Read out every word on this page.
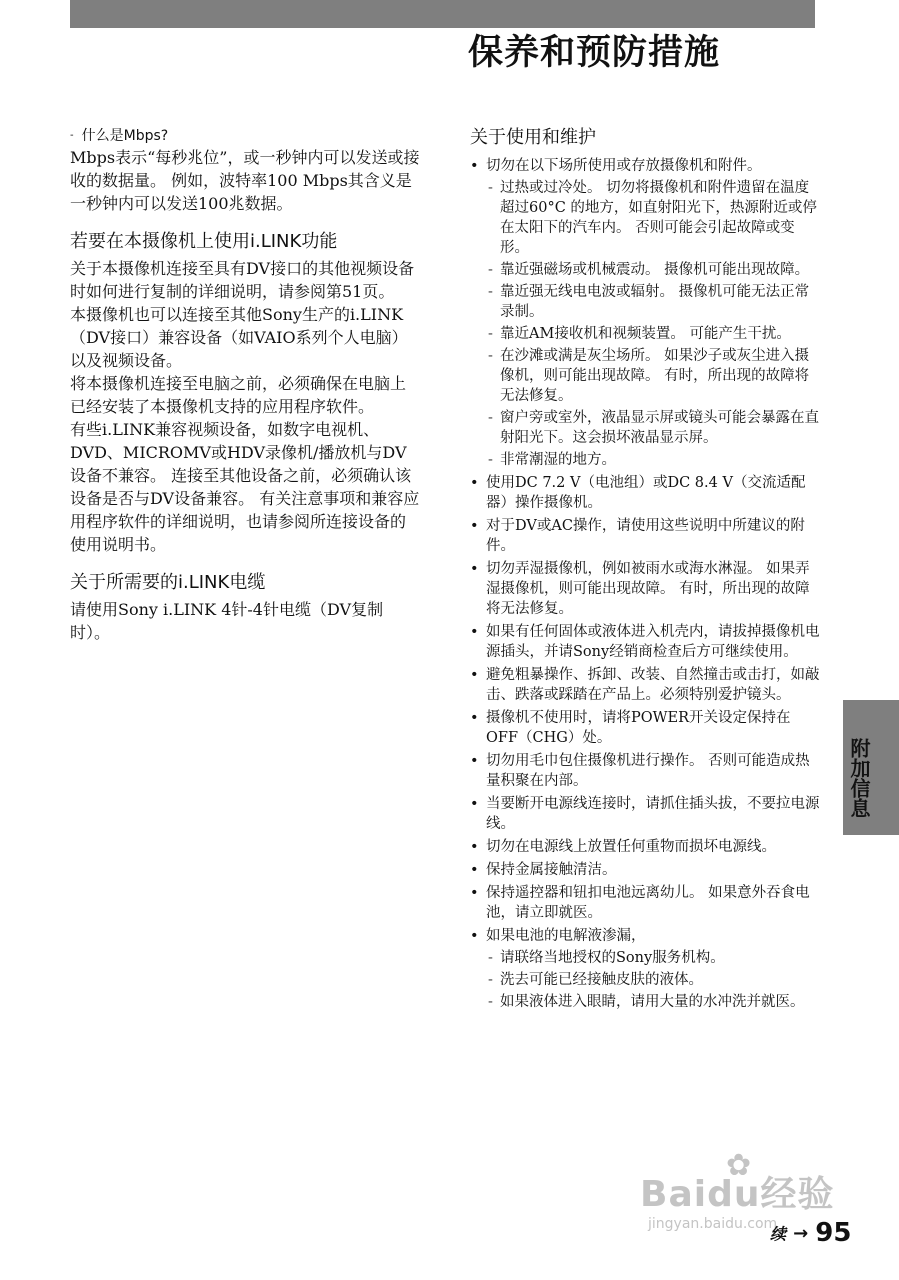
保养和预防措施
- 什么是Mbps?

Mbps表示“每秒兆位”，或一秒钟内可以发送或接收的数据量。 例如，波特率100 Mbps其含义是一秒钟内可以发送100兆数据。

若要在本摄像机上使用i.LINK功能

关于本摄像机连接至具有DV接口的其他视频设备时如何进行复制的详细说明，请参阅第51页。

本摄像机也可以连接至其他Sony生产的i.LINK（DV接口）兼容设备（如VAIO系列个人电脑）以及视频设备。

将本摄像机连接至电脑之前，必须确保在电脑上已经安装了本摄像机支持的应用程序软件。

有些i.LINK兼容视频设备，如数字电视机、DVD、MICROMV或HDV录像机/播放机与DV设备不兼容。 连接至其他设备之前，必须确认该设备是否与DV设备兼容。 有关注意事项和兼容应用程序软件的详细说明，也请参阅所连接设备的使用说明书。

关于所需要的i.LINK电缆

请使用Sony i.LINK 4针-4针电缆（DV复制时）。

关于使用和维护
• 切勿在以下场所使用或存放摄像机和附件。
- 过热或过冷处。 切勿将摄像机和附件遗留在温度超过60°C 的地方，如直射阳光下，热源附近或停在太阳下的汽车内。 否则可能会引起故障或变形。
- 靠近强磁场或机械震动。 摄像机可能出现故障。
- 靠近强无线电电波或辐射。 摄像机可能无法正常录制。
- 靠近AM接收机和视频装置。 可能产生干扰。
- 在沙滩或满是灰尘场所。 如果沙子或灰尘进入摄像机，则可能出现故障。 有时，所出现的故障将无法修复。
- 窗户旁或室外，液晶显示屏或镜头可能会暴露在直射阳光下。这会损坏液晶显示屏。
- 非常潮湿的地方。
• 使用DC 7.2 V（电池组）或DC 8.4 V（交流适配器）操作摄像机。
• 对于DV或AC操作，请使用这些说明中所建议的附件。
• 切勿弄湿摄像机，例如被雨水或海水淋湿。 如果弄湿摄像机，则可能出现故障。 有时，所出现的故障将无法修复。
• 如果有任何固体或液体进入机壳内，请拔掉摄像机电源插头，并请Sony经销商检查后方可继续使用。
• 避免粗暴操作、拆卸、改装、自然撞击或击打，如敲击、跌落或踩踏在产品上。必须特别爱护镜头。
• 摄像机不使用时，请将POWER开关设定保持在OFF（CHG）处。
• 切勿用毛巾包住摄像机进行操作。 否则可能造成热量积聚在内部。
• 当要断开电源线连接时，请抓住插头拔，不要拉电源线。
• 切勿在电源线上放置任何重物而损坏电源线。
• 保持金属接触清洁。
• 保持遥控器和钮扣电池远离幼儿。 如果意外吞食电池，请立即就医。
• 如果电池的电解液渗漏，
- 请联络当地授权的Sony服务机构。
- 洗去可能已经接触皮肤的液体。
- 如果液体进入眼睛，请用大量的水冲洗并就医。
附加信息
✿
Baidu经验
jingyan.baidu.com
续 → 95
